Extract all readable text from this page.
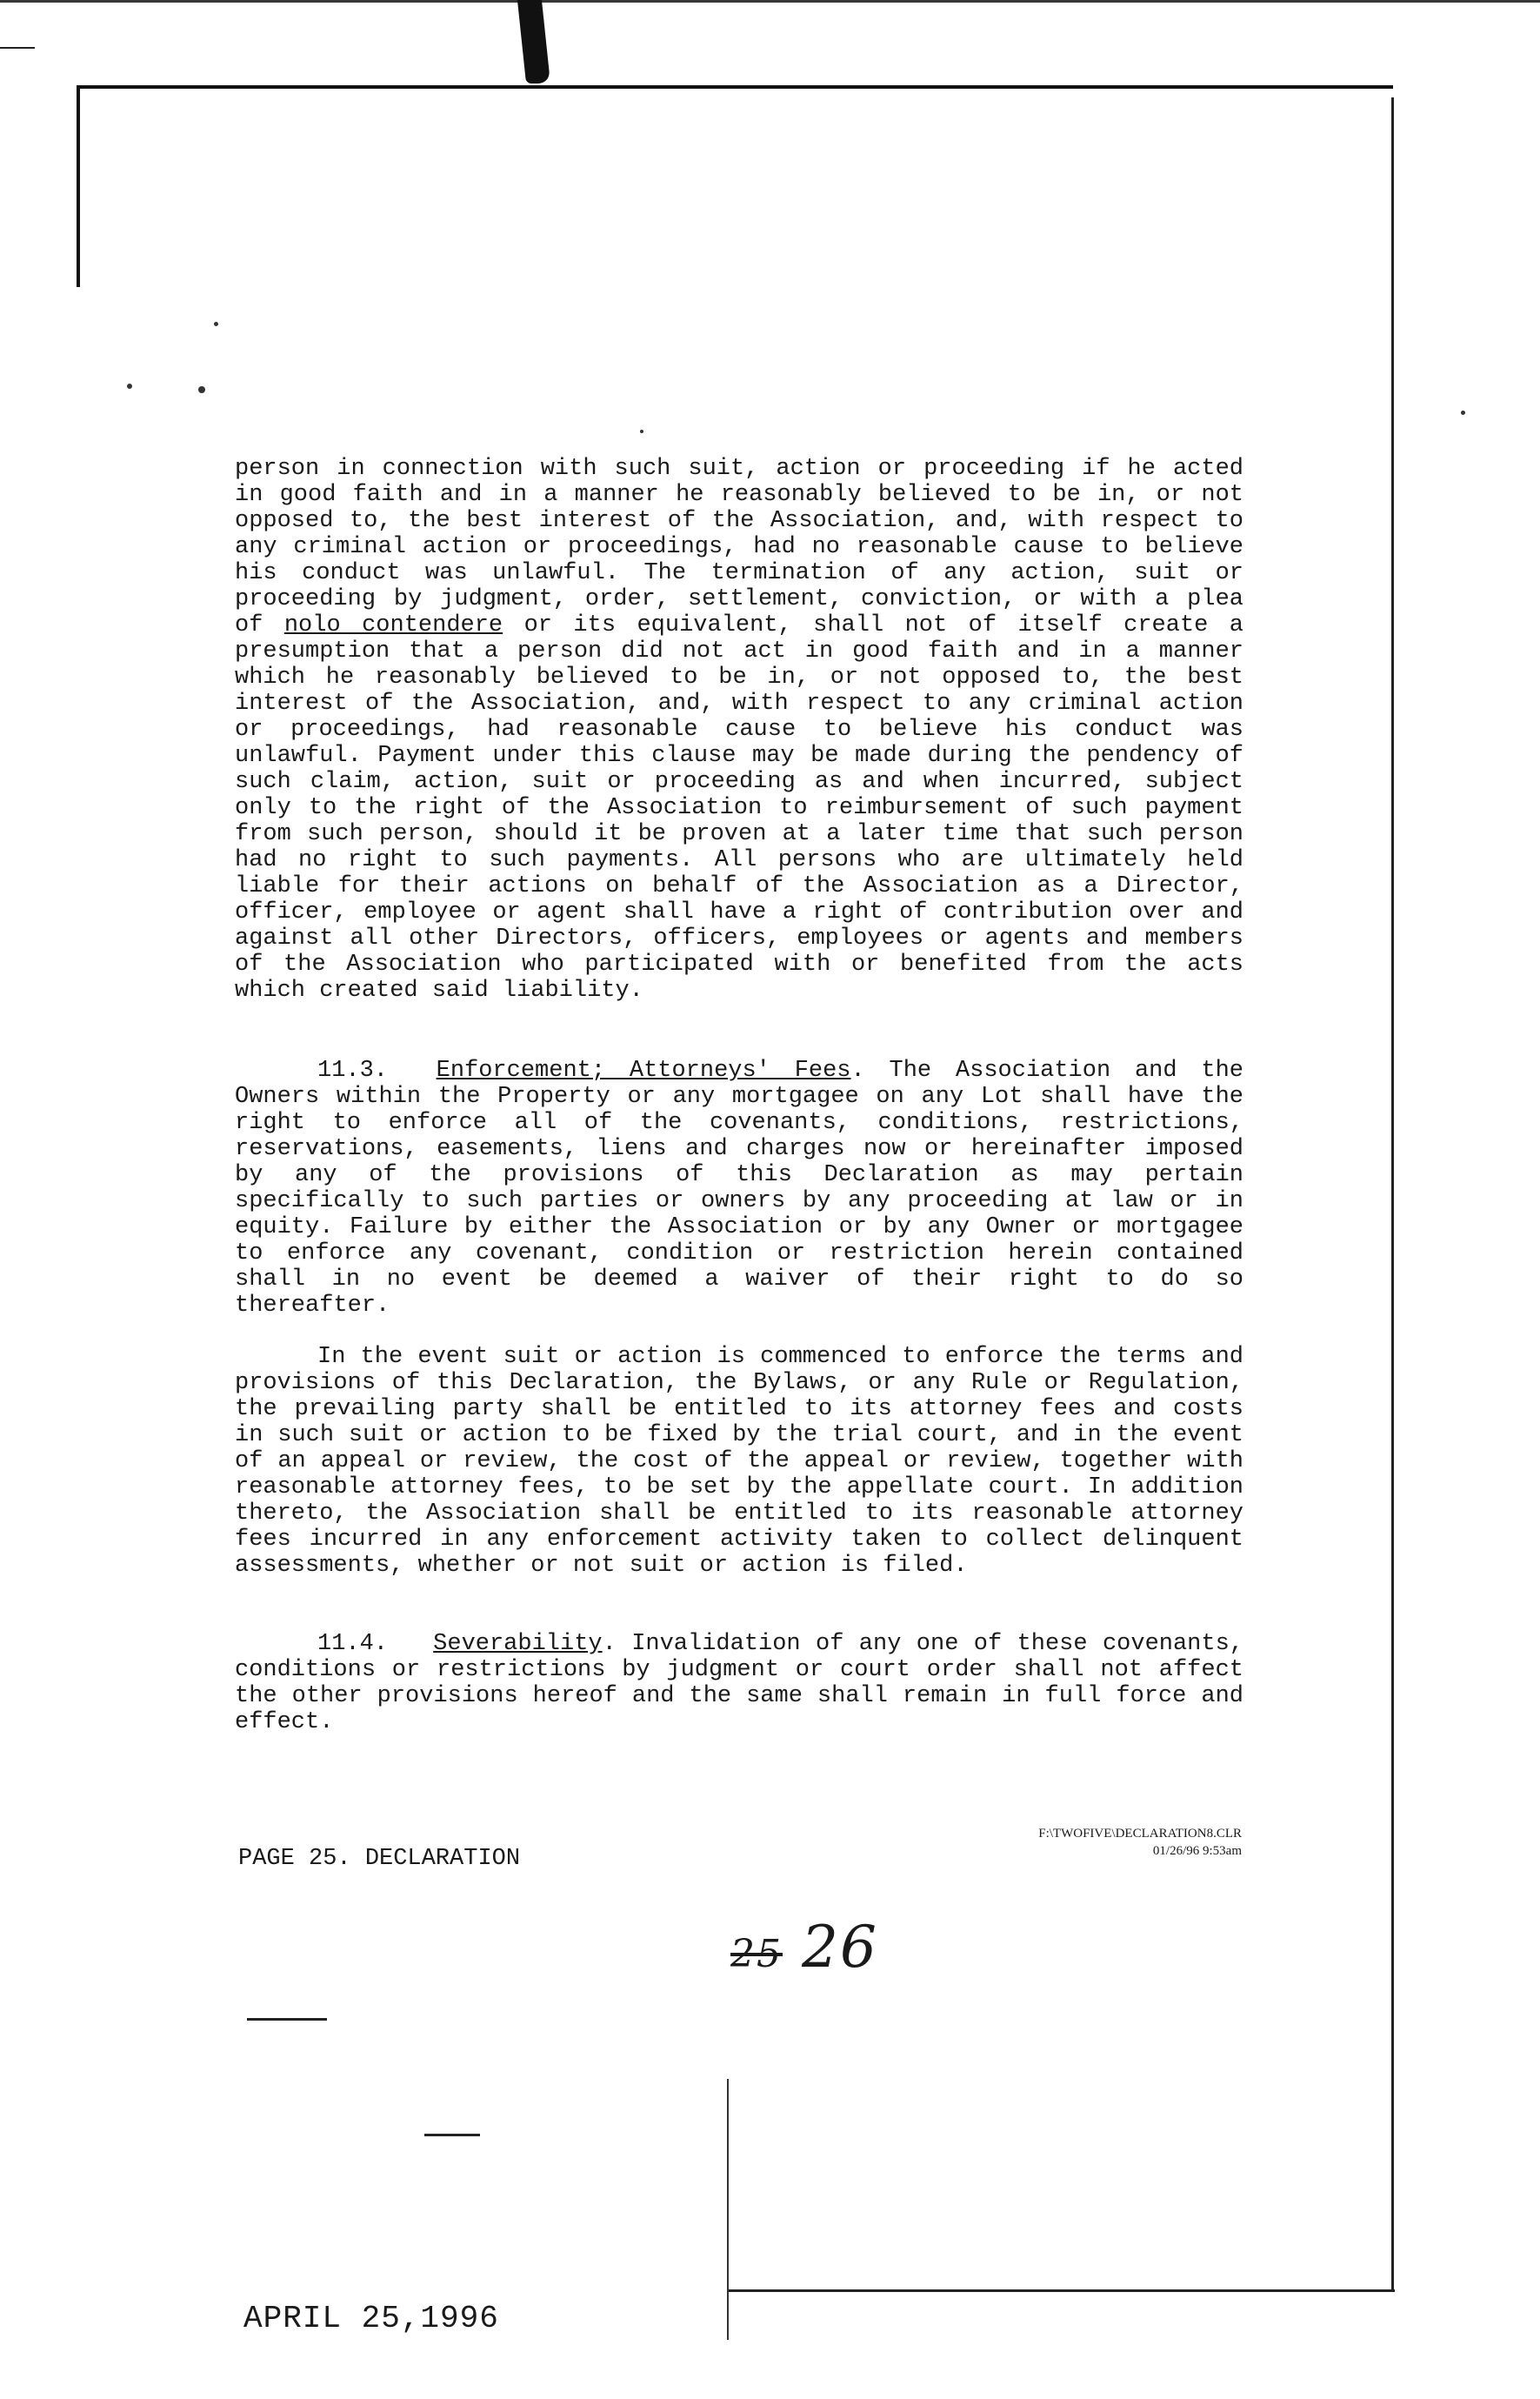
person in connection with such suit, action or proceeding if he acted in good faith and in a manner he reasonably believed to be in, or not opposed to, the best interest of the Association, and, with respect to any criminal action or proceedings, had no reasonable cause to believe his conduct was unlawful. The termination of any action, suit or proceeding by judgment, order, settlement, conviction, or with a plea of nolo contendere or its equivalent, shall not of itself create a presumption that a person did not act in good faith and in a manner which he reasonably believed to be in, or not opposed to, the best interest of the Association, and, with respect to any criminal action or proceedings, had reasonable cause to believe his conduct was unlawful. Payment under this clause may be made during the pendency of such claim, action, suit or proceeding as and when incurred, subject only to the right of the Association to reimbursement of such payment from such person, should it be proven at a later time that such person had no right to such payments. All persons who are ultimately held liable for their actions on behalf of the Association as a Director, officer, employee or agent shall have a right of contribution over and against all other Directors, officers, employees or agents and members of the Association who participated with or benefited from the acts which created said liability.

11.3. Enforcement; Attorneys' Fees. The Association and the Owners within the Property or any mortgagee on any Lot shall have the right to enforce all of the covenants, conditions, restrictions, reservations, easements, liens and charges now or hereinafter imposed by any of the provisions of this Declaration as may pertain specifically to such parties or owners by any proceeding at law or in equity. Failure by either the Association or by any Owner or mortgagee to enforce any covenant, condition or restriction herein contained shall in no event be deemed a waiver of their right to do so thereafter.

In the event suit or action is commenced to enforce the terms and provisions of this Declaration, the Bylaws, or any Rule or Regulation, the prevailing party shall be entitled to its attorney fees and costs in such suit or action to be fixed by the trial court, and in the event of an appeal or review, the cost of the appeal or review, together with reasonable attorney fees, to be set by the appellate court. In addition thereto, the Association shall be entitled to its reasonable attorney fees incurred in any enforcement activity taken to collect delinquent assessments, whether or not suit or action is filed.

11.4. Severability. Invalidation of any one of these covenants, conditions or restrictions by judgment or court order shall not affect the other provisions hereof and the same shall remain in full force and effect.

PAGE 25. DECLARATION
F:\TWOFIVE\DECLARATION8.CLR
01/26/96 9:53am
25 26
APRIL 25,1996
